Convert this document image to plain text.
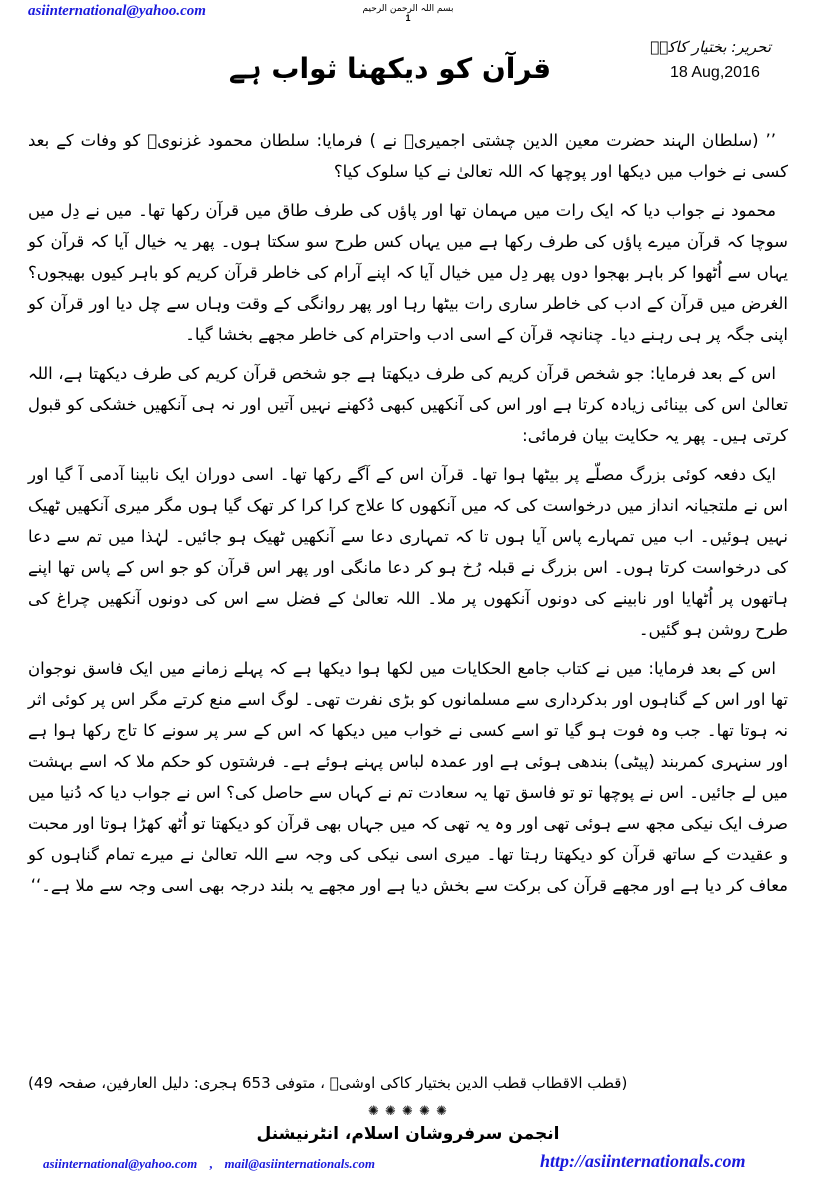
asiinternational@yahoo.com	بسم اللہ الرحمن الرحیم
1
تحریر: بختیار کاکیؒ
18 Aug,2016
قرآن کو دیکھنا ثواب ہے

’’ (سلطان الہند حضرت معین الدین چشتی اجمیریؒ نے ) فرمایا: سلطان محمود غزنویؒ کو وفات کے بعد کسی نے خواب میں دیکھا اور پوچھا کہ اللہ تعالیٰ نے کیا سلوک کیا؟

محمود نے جواب دیا کہ ایک رات میں مہمان تھا اور پاؤں کی طرف طاق میں قرآن رکھا تھا۔ میں نے دِل میں سوچا کہ قرآن میرے پاؤں کی طرف رکھا ہے میں یہاں کس طرح سو سکتا ہوں۔ پھر یہ خیال آیا کہ قرآن کو یہاں سے اُٹھوا کر باہر بھجوا دوں پھر دِل میں خیال آیا کہ اپنے آرام کی خاطر قرآن کریم کو باہر کیوں بھیجوں؟ الغرض میں قرآن کے ادب کی خاطر ساری رات بیٹھا رہا اور پھر روانگی کے وقت وہاں سے چل دیا اور قرآن کو اپنی جگہ پر ہی رہنے دیا۔ چنانچہ قرآن کے اسی ادب واحترام کی خاطر مجھے بخشا گیا۔

اس کے بعد فرمایا: جو شخص قرآن کریم کی طرف دیکھتا ہے جو شخص قرآن کریم کی طرف دیکھتا ہے، اللہ تعالیٰ اس کی بینائی زیادہ کرتا ہے اور اس کی آنکھیں کبھی دُکھنے نہیں آتیں اور نہ ہی آنکھیں خشکی کو قبول کرتی ہیں۔ پھر یہ حکایت بیان فرمائی:

ایک دفعہ کوئی بزرگ مصلّے پر بیٹھا ہوا تھا۔ قرآن اس کے آگے رکھا تھا۔ اسی دوران ایک نابینا آدمی آ گیا اور اس نے ملتجیانہ انداز میں درخواست کی کہ میں آنکھوں کا علاج کرا کرا کر تھک گیا ہوں مگر میری آنکھیں ٹھیک نہیں ہوئیں۔ اب میں تمہارے پاس آیا ہوں تا کہ تمہاری دعا سے آنکھیں ٹھیک ہو جائیں۔ لہٰذا میں تم سے دعا کی درخواست کرتا ہوں۔ اس بزرگ نے قبلہ رُخ ہو کر دعا مانگی اور پھر اس قرآن کو جو اس کے پاس تھا اپنے ہاتھوں پر اُٹھایا اور نابینے کی دونوں آنکھوں پر ملا۔ اللہ تعالیٰ کے فضل سے اس کی دونوں آنکھیں چراغ کی طرح روشن ہو گئیں۔

اس کے بعد فرمایا: میں نے کتاب جامع الحکایات میں لکھا ہوا دیکھا ہے کہ پہلے زمانے میں ایک فاسق نوجوان تھا اور اس کے گناہوں اور بدکرداری سے مسلمانوں کو بڑی نفرت تھی۔ لوگ اسے منع کرتے مگر اس پر کوئی اثر نہ ہوتا تھا۔ جب وہ فوت ہو گیا تو اسے کسی نے خواب میں دیکھا کہ اس کے سر پر سونے کا تاج رکھا ہوا ہے اور سنہری کمربند (پیٹی) بندھی ہوئی ہے اور عمدہ لباس پہنے ہوئے ہے۔ فرشتوں کو حکم ملا کہ اسے بہشت میں لے جائیں۔ اس نے پوچھا تو تو فاسق تھا یہ سعادت تم نے کہاں سے حاصل کی؟ اس نے جواب دیا کہ دُنیا میں صرف ایک نیکی مجھ سے ہوئی تھی اور وہ یہ تھی کہ میں جہاں بھی قرآن کو دیکھتا تو اُٹھ کھڑا ہوتا اور محبت و عقیدت کے ساتھ قرآن کو دیکھتا رہتا تھا۔ میری اسی نیکی کی وجہ سے اللہ تعالیٰ نے میرے تمام گناہوں کو معاف کر دیا ہے اور مجھے قرآن کی برکت سے بخش دیا ہے اور مجھے یہ بلند درجہ بھی اسی وجہ سے ملا ہے۔‘‘

(قطب الاقطاب قطب الدین بختیار کاکی اوشیؒ ، متوفی 653 ہجری: دلیل العارفین، صفحہ 49)
✺ ✺ ✺ ✺ ✺
انجمن سرفروشان اسلام، انٹرنیشنل
asiinternational@yahoo.com , mail@asiinternationals.com	http://asiinternationals.com
